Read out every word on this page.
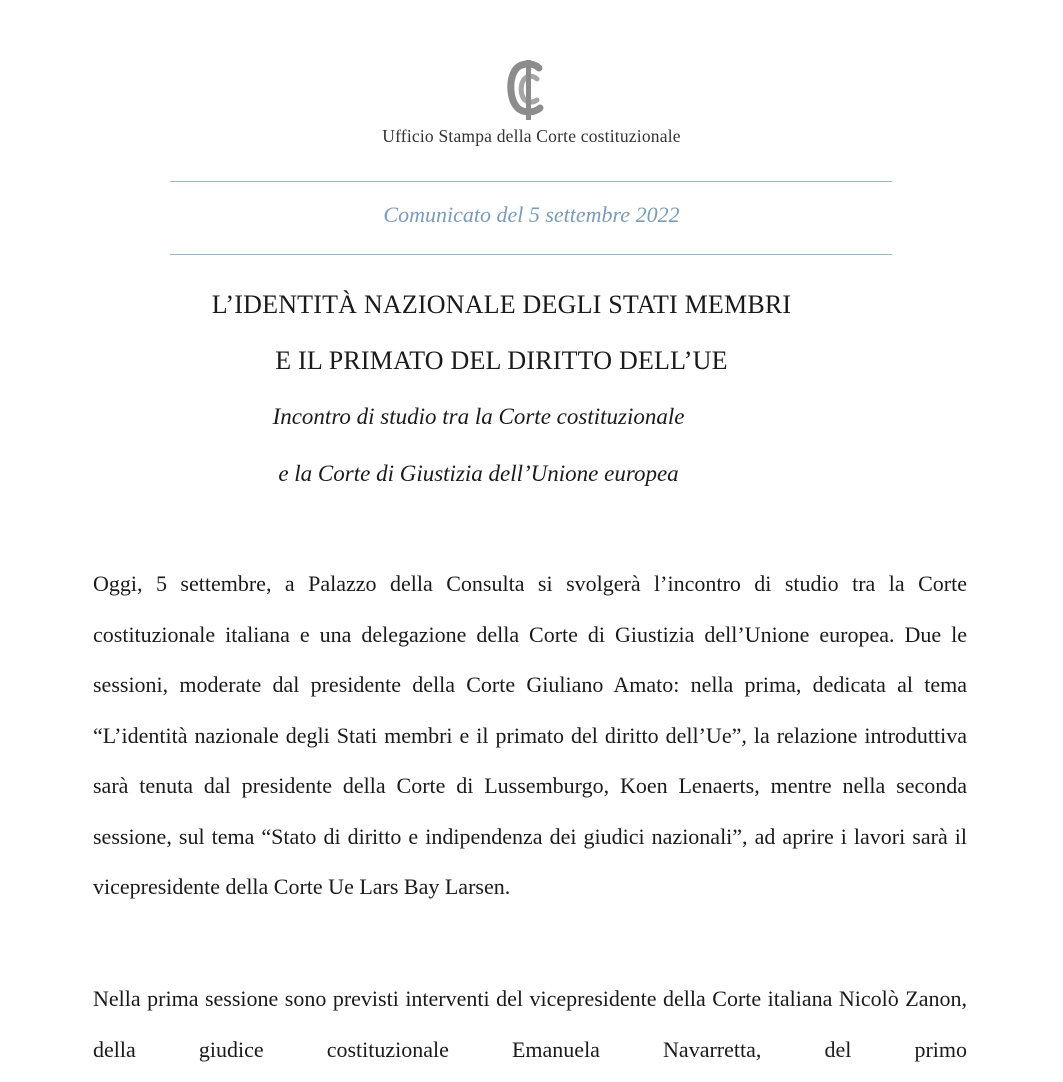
Ufficio Stampa della Corte costituzionale
Comunicato del 5 settembre 2022
L’IDENTITÀ NAZIONALE DEGLI STATI MEMBRI
E IL PRIMATO DEL DIRITTO DELL’UE
Incontro di studio tra la Corte costituzionale
e la Corte di Giustizia dell’Unione europea

Oggi, 5 settembre, a Palazzo della Consulta si svolgerà l’incontro di studio tra la Corte costituzionale italiana e una delegazione della Corte di Giustizia dell’Unione europea. Due le sessioni, moderate dal presidente della Corte Giuliano Amato: nella prima, dedicata al tema “L’identità nazionale degli Stati membri e il primato del diritto dell’Ue”, la relazione introduttiva sarà tenuta dal presidente della Corte di Lussemburgo, Koen Lenaerts, mentre nella seconda sessione, sul tema “Stato di diritto e indipendenza dei giudici nazionali”, ad aprire i lavori sarà il vicepresidente della Corte Ue Lars Bay Larsen.

Nella prima sessione sono previsti interventi del vicepresidente della Corte italiana Nicolò Zanon, della giudice costituzionale Emanuela Navarretta, del primo
